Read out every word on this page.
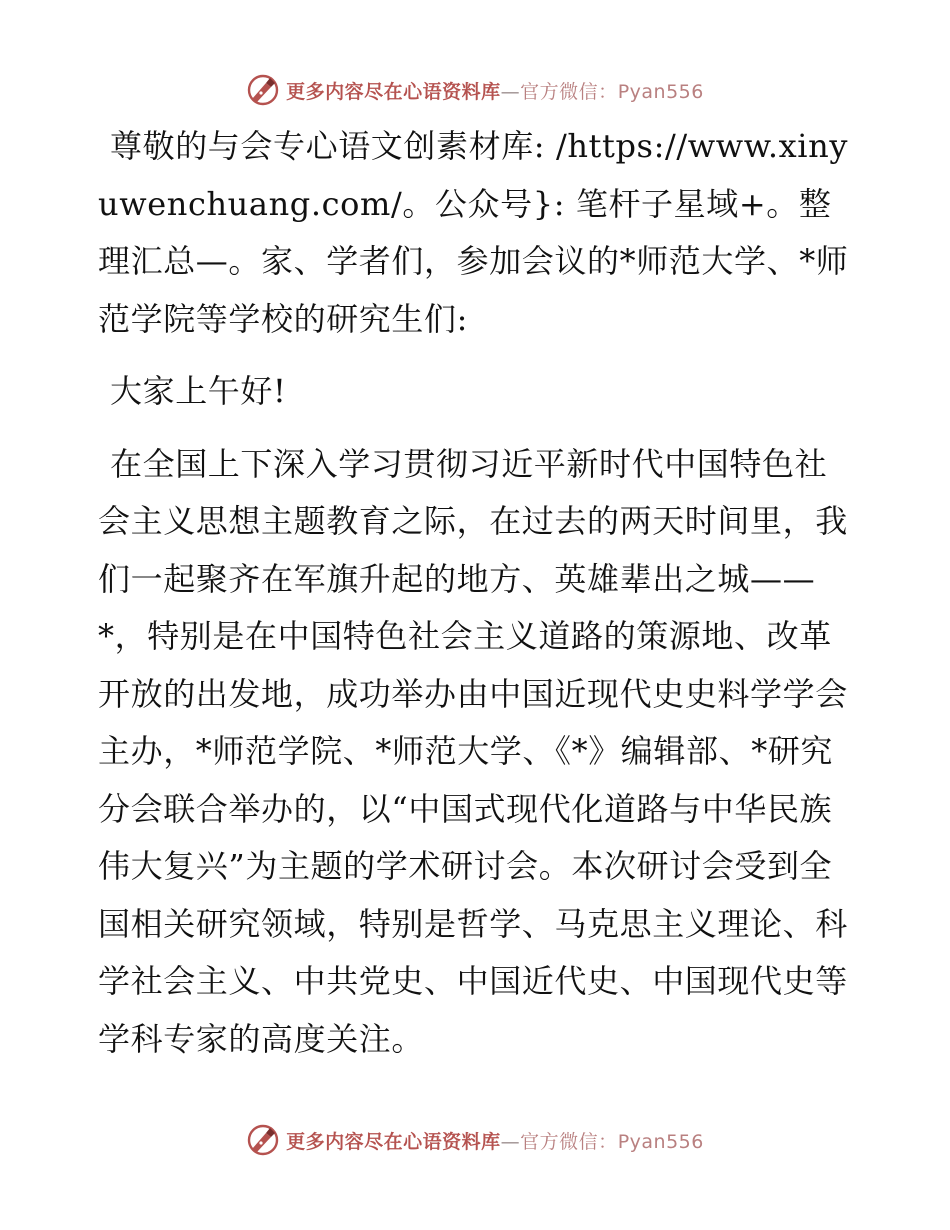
更多内容尽在心语资料库—官方微信：Pyan556

尊敬的与会专心语文创素材库: /https://www.xinyuwenchuang.com/。公众号}: 笔杆子星域+。整理汇总—。家、学者们，参加会议的*师范大学、*师范学院等学校的研究生们:

大家上午好!

在全国上下深入学习贯彻习近平新时代中国特色社会主义思想主题教育之际，在过去的两天时间里，我们一起聚齐在军旗升起的地方、英雄辈出之城——*，特别是在中国特色社会主义道路的策源地、改革开放的出发地，成功举办由中国近现代史史料学学会主办，*师范学院、*师范大学、《*》编辑部、*研究分会联合举办的，以“中国式现代化道路与中华民族伟大复兴”为主题的学术研讨会。本次研讨会受到全国相关研究领域，特别是哲学、马克思主义理论、科学社会主义、中共党史、中国近代史、中国现代史等学科专家的高度关注。

更多内容尽在心语资料库—官方微信：Pyan556
